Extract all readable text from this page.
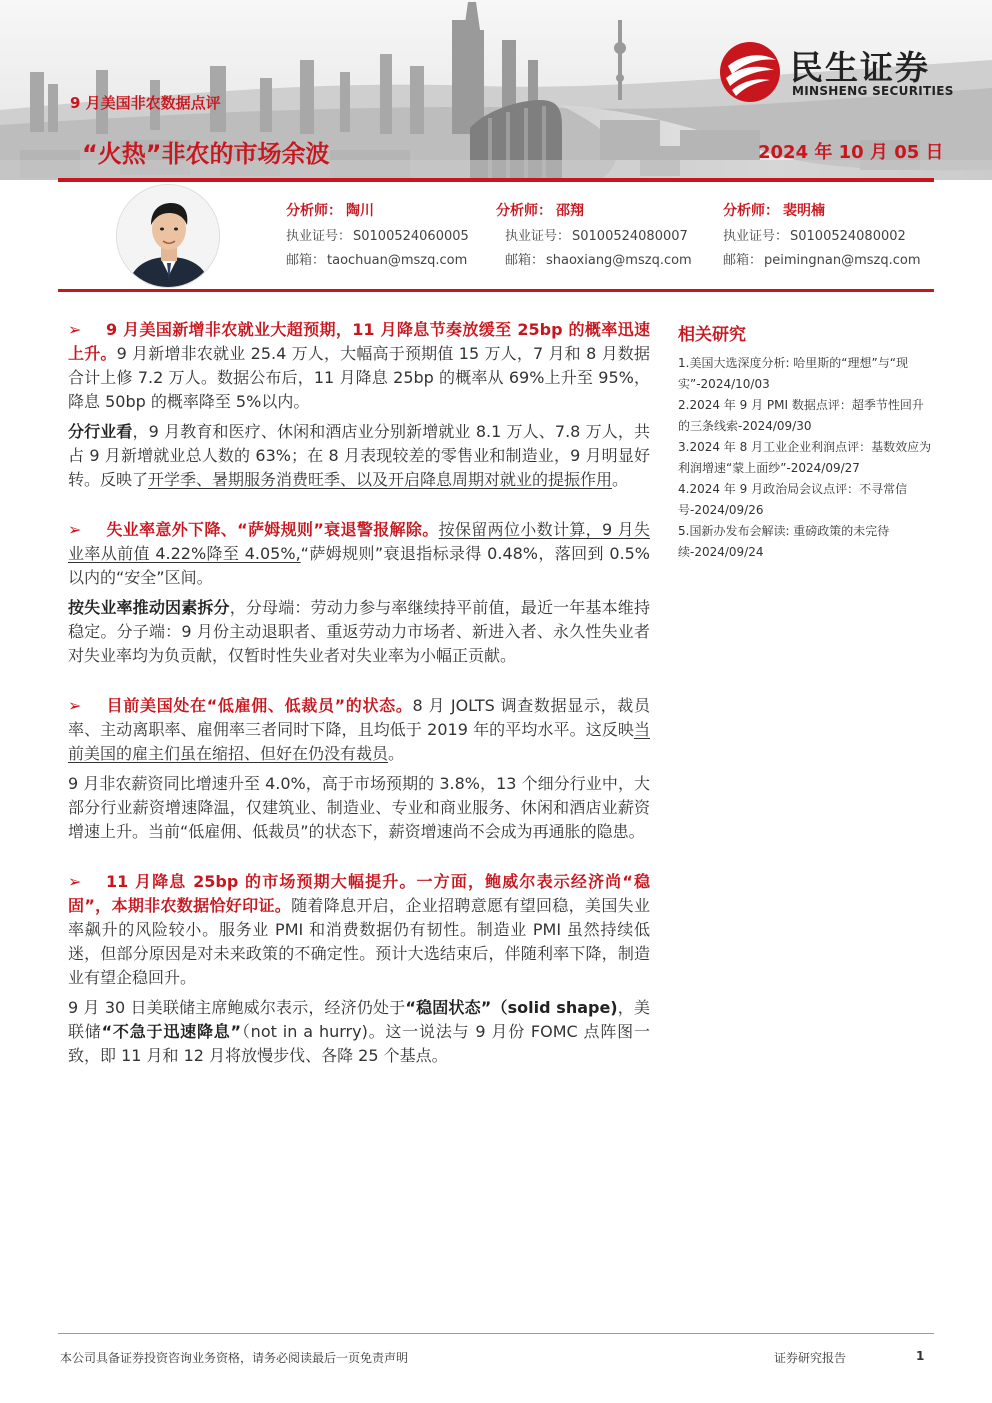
9 月美国非农数据点评
“火热”非农的市场余波	2024 年 10 月 05 日
民生证券
MINSHENG SECURITIES
分析师： 陶川
执业证号： S0100524060005
邮箱： taochuan@mszq.com
分析师： 邵翔
执业证号： S0100524080007
邮箱： shaoxiang@mszq.com
分析师： 裴明楠
执业证号： S0100524080002
邮箱： peimingnan@mszq.com

➢ 9 月美国新增非农就业大超预期，11 月降息节奏放缓至 25bp 的概率迅速上升。9 月新增非农就业 25.4 万人，大幅高于预期值 15 万人，7 月和 8 月数据合计上修 7.2 万人。数据公布后，11 月降息 25bp 的概率从 69%上升至 95%，降息 50bp 的概率降至 5%以内。

分行业看，9 月教育和医疗、休闲和酒店业分别新增就业 8.1 万人、7.8 万人，共占 9 月新增就业总人数的 63%；在 8 月表现较差的零售业和制造业，9 月明显好转。反映了开学季、暑期服务消费旺季、以及开启降息周期对就业的提振作用。

➢ 失业率意外下降、“萨姆规则”衰退警报解除。按保留两位小数计算，9 月失业率从前值 4.22%降至 4.05%,“萨姆规则”衰退指标录得 0.48%，落回到 0.5%以内的“安全”区间。

按失业率推动因素拆分，分母端：劳动力参与率继续持平前值，最近一年基本维持稳定。分子端：9 月份主动退职者、重返劳动力市场者、新进入者、永久性失业者对失业率均为负贡献，仅暂时性失业者对失业率为小幅正贡献。

➢ 目前美国处在“低雇佣、低裁员”的状态。8 月 JOLTS 调查数据显示，裁员率、主动离职率、雇佣率三者同时下降，且均低于 2019 年的平均水平。这反映当前美国的雇主们虽在缩招、但好在仍没有裁员。

9 月非农薪资同比增速升至 4.0%，高于市场预期的 3.8%，13 个细分行业中，大部分行业薪资增速降温，仅建筑业、制造业、专业和商业服务、休闲和酒店业薪资增速上升。当前“低雇佣、低裁员”的状态下，薪资增速尚不会成为再通胀的隐患。

➢ 11 月降息 25bp 的市场预期大幅提升。一方面，鲍威尔表示经济尚“稳固”，本期非农数据恰好印证。随着降息开启，企业招聘意愿有望回稳，美国失业率飙升的风险较小。服务业 PMI 和消费数据仍有韧性。制造业 PMI 虽然持续低迷，但部分原因是对未来政策的不确定性。预计大选结束后，伴随利率下降，制造业有望企稳回升。

9 月 30 日美联储主席鲍威尔表示，经济仍处于“稳固状态”（solid shape)，美联储“不急于迅速降息”（not in a hurry)。这一说法与 9 月份 FOMC 点阵图一致，即 11 月和 12 月将放慢步伐、各降 25 个基点。

相关研究
1.美国大选深度分析: 哈里斯的“理想”与“现实”-2024/10/03
2.2024 年 9 月 PMI 数据点评：超季节性回升的三条线索-2024/09/30
3.2024 年 8 月工业企业利润点评：基数效应为利润增速“蒙上面纱”-2024/09/27
4.2024 年 9 月政治局会议点评：不寻常信号-2024/09/26
5.国新办发布会解读: 重磅政策的未完待续-2024/09/24
本公司具备证券投资咨询业务资格，请务必阅读最后一页免责声明	证券研究报告	1
